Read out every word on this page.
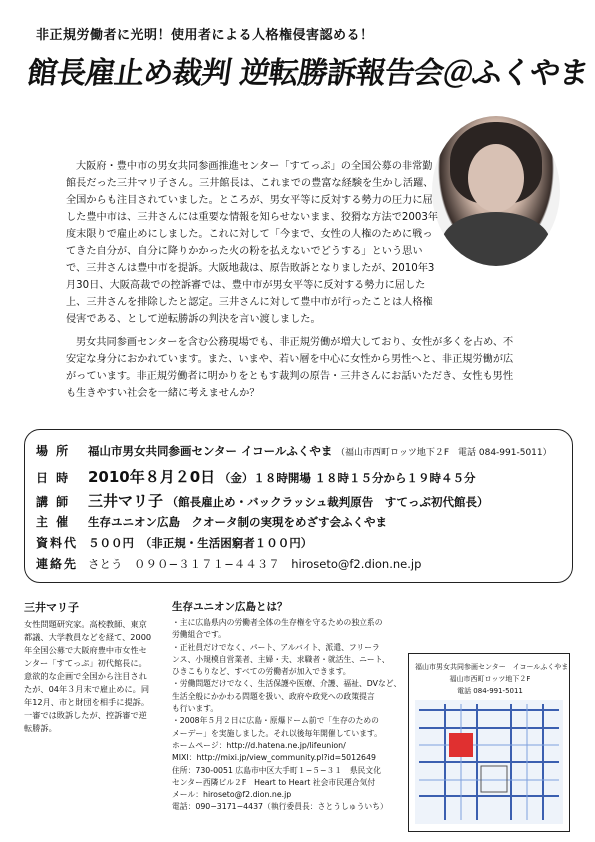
非正規労働者に光明！使用者による人格権侵害認める！
館長雇止め裁判 逆転勝訴報告会＠ふくやま
大阪府・豊中市の男女共同参画推進センター「すてっぷ」の全国公募の非常勤館長だった三井マリ子さん。三井館長は、これまでの豊富な経験を生かし活躍、全国からも注目されていました。ところが、男女平等に反対する勢力の圧力に屈した豊中市は、三井さんには重要な情報を知らせないまま、狡猾な方法で2003年度末限りで雇止めにしました。これに対して「今まで、女性の人権のために戦ってきた自分が、自分に降りかかった火の粉を払えないでどうする」という思いで、三井さんは豊中市を提訴。大阪地裁は、原告敗訴となりましたが、2010年3月30日、大阪高裁での控訴審では、豊中市が男女平等に反対する勢力に屈した上、三井さんを排除したと認定。三井さんに対して豊中市が行ったことは人格権侵害である、として逆転勝訴の判決を言い渡しました。
男女共同参画センターを含む公務現場でも、非正規労働が増大しており、女性が多くを占め、不安定な身分におかれています。また、いまや、若い層を中心に女性から男性へと、非正規労働が広がっています。非正規労働者に明かりをともす裁判の原告・三井さんにお話いただき、女性も男性も生きやすい社会を一緒に考えませんか？
場 所	福山市男女共同参画センター イコールふくやま （福山市西町ロッツ地下２F　電話 084-991-5011）
日 時	2010年８月２0日 （金）１８時開場 １８時１５分から１９時４５分
講 師	三井マリ子 （館長雇止め・バックラッシュ裁判原告　すてっぷ初代館長）
主 催	生存ユニオン広島　クオータ制の実現をめざす会ふくやま
資料代 ５００円　（非正規・生活困窮者１００円）
連絡先 さとう　０９０−３１７１−４４３７　hiroseto@f2.dion.ne.jp
三井マリ子
女性問題研究家。高校教師、東京都議、大学教員などを経て、2000年全国公募で大阪府豊中市女性センター「すてっぷ」初代館長に。意欲的な企画で全国から注目されたが、04年３月末で雇止めに。同年12月、市と財団を相手に提訴。一審では敗訴したが、控訴審で逆転勝訴。
生存ユニオン広島とは？
・主に広島県内の労働者全体の生存権を守るための独立系の
労働組合です。
・正社員だけでなく、パート、アルバイト、派遣、フリーラ
ンス、小規模自営業者、主婦・夫、求職者・就活生、ニート、
ひきこもりなど、すべての労働者が加入できます。
・労働問題だけでなく、生活保護や医療、介護、福祉、DVなど、
生活全般にかかわる問題を扱い、政府や政党への政策提言
も行います。
・2008年５月２日に広島・原爆ドーム前で「生存のための
メーデー」を実施しました。それ以後毎年開催しています。
ホームページ：http://d.hatena.ne.jp/lifeunion/
MIXI：http://mixi.jp/view_community.pl?id=5012649
住所：730-0051 広島市中区大手町１−５−３１　県民文化
センター西隣ビル２F　Heart to Heart 社会市民運合気付
メール：hiroseto@f2.dion.ne.jp
電話：090−3171−4437（執行委員長：さとうしゅういち）
福山市男女共同参画センター　イコールふくやま
福山市西町ロッツ地下２F
電話 084-991-5011
